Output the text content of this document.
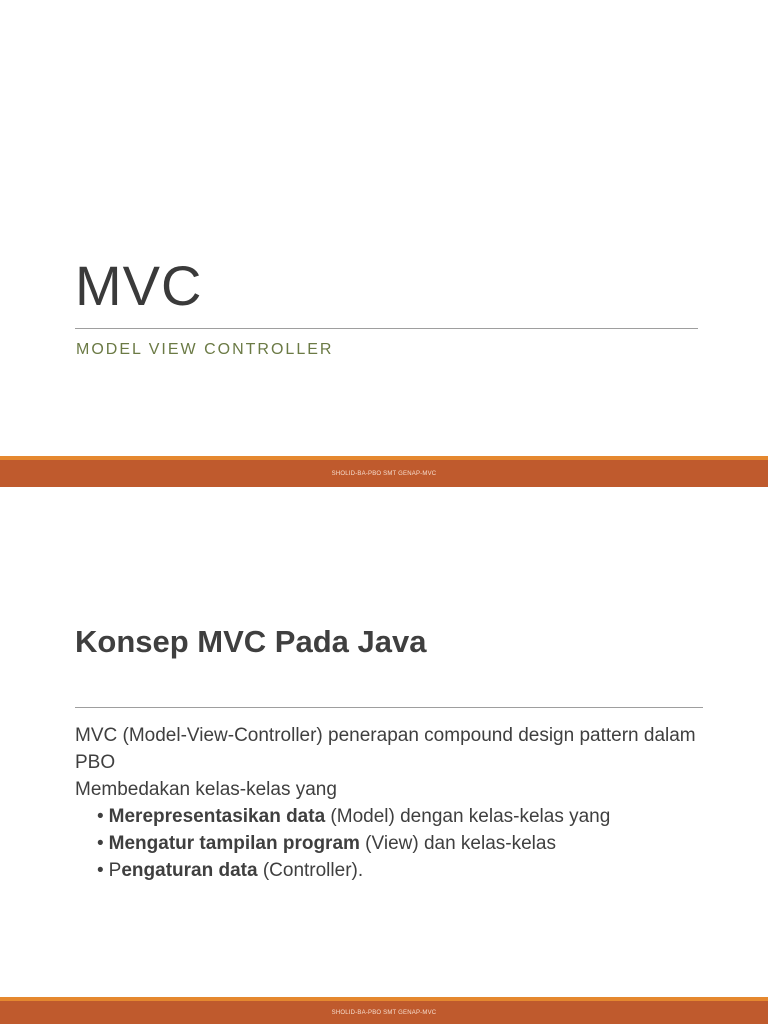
MVC
MODEL VIEW CONTROLLER
SHOLID-BA-PBO SMT GENAP-MVC
Konsep MVC Pada Java

MVC (Model-View-Controller) penerapan compound design pattern dalam PBO

Membedakan kelas-kelas yang

• Merepresentasikan data (Model) dengan kelas-kelas yang
• Mengatur tampilan program (View) dan kelas-kelas
• Pengaturan data (Controller).
SHOLID-BA-PBO SMT GENAP-MVC
